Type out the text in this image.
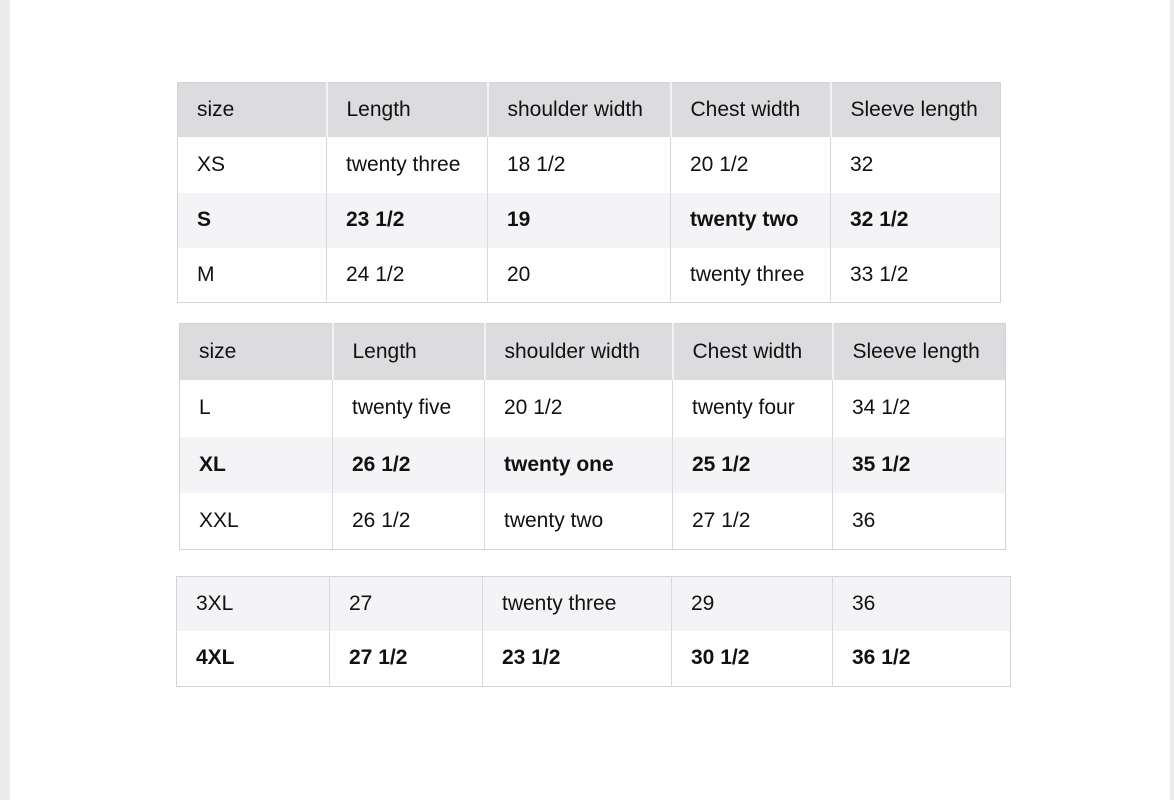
size	Length	shoulder width	Chest width	Sleeve length
XS	twenty three	18 1/2	20 1/2	32
S	23 1/2	19	twenty two	32 1/2
M	24 1/2	20	twenty three	33 1/2
size	Length	shoulder width	Chest width	Sleeve length
L	twenty five	20 1/2	twenty four	34 1/2
XL	26 1/2	twenty one	25 1/2	35 1/2
XXL	26 1/2	twenty two	27 1/2	36
3XL	27	twenty three	29	36
4XL	27 1/2	23 1/2	30 1/2	36 1/2
